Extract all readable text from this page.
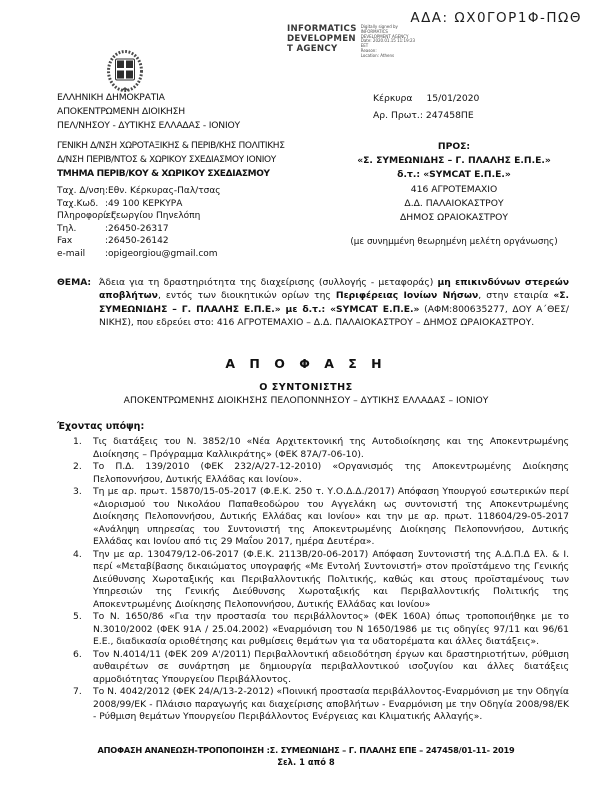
ΑΔΑ: ΩΧ0ΓΟΡ1Φ-ΠΩΘ
INFORMATICS
DEVELOPMEN
T AGENCY
Digitally signed by
INFORMATICS
DEVELOPMENT AGENCY
Date: 2020.01.15 11:19:23
EET
Reason:
Location: Athens
ΕΛΛΗΝΙΚΗ ΔΗΜΟΚΡΑΤΙΑ
ΑΠΟΚΕΝΤΡΩΜΕΝΗ ΔΙΟΙΚΗΣΗ
ΠΕΛ/ΝΗΣΟΥ - ΔΥΤΙΚΗΣ ΕΛΛΑΔΑΣ - ΙΟΝΙΟΥ
Κέρκυρα 15/01/2020
Αρ. Πρωτ.: 247458ΠΕ
ΓΕΝΙΚΗ Δ/ΝΣΗ ΧΩΡΟΤΑΞΙΚΗΣ & ΠΕΡΙΒ/ΚΗΣ ΠΟΛΙΤΙΚΗΣ
Δ/ΝΣΗ ΠΕΡΙΒ/ΝΤΟΣ & ΧΩΡΙΚΟΥ ΣΧΕΔΙΑΣΜΟΥ ΙΟΝΙΟΥ
ΤΜΗΜΑ ΠΕΡΙΒ/ΚΟΥ & ΧΩΡΙΚΟΥ ΣΧΕΔΙΑΣΜΟΥ
Ταχ. Δ/νση :Εθν. Κέρκυρας-Παλ/τσας
Ταχ.Κωδ. :49 100 ΚΕΡΚΥΡΑ
Πληροφορίες
: Γεωργίου Πηνελόπη
Τηλ.	:26450-26317
Fax	:26450-26142
e-mail	:opigeorgiou@gmail.com
ΠΡΟΣ:
«Σ. ΣΥΜΕΩΝΙΔΗΣ – Γ. ΠΛΑΛΗΣ Ε.Π.Ε.»
δ.τ.: «SYMCAT Ε.Π.Ε.»
416 ΑΓΡΟΤΕΜΑΧΙΟ
Δ.Δ. ΠΑΛΑΙΟΚΑΣΤΡΟΥ
ΔΗΜΟΣ ΩΡΑΙΟΚΑΣΤΡΟΥ
(με συνημμένη θεωρημένη μελέτη οργάνωσης)
ΘΕΜΑ: Άδεια για τη δραστηριότητα της διαχείρισης (συλλογής - μεταφοράς) μη επικινδύνων στερεών αποβλήτων, εντός των διοικητικών ορίων της Περιφέρειας Ιονίων Νήσων, στην εταιρία «Σ. ΣΥΜΕΩΝΙΔΗΣ – Γ. ΠΛΑΛΗΣ Ε.Π.Ε.» με δ.τ.: «SYMCAT Ε.Π.Ε.» (ΑΦΜ:800635277, ΔΟΥ Α΄ΘΕΣ/ΝΙΚΗΣ), που εδρεύει στο: 416 ΑΓΡΟΤΕΜΑΧΙΟ – Δ.Δ. ΠΑΛΑΙΟΚΑΣΤΡΟΥ – ΔΗΜΟΣ ΩΡΑΙΟΚΑΣΤΡΟΥ.
Α Π Ο Φ Α Σ Η
Ο ΣΥΝΤΟΝΙΣΤΗΣ
ΑΠΟΚΕΝΤΡΩΜΕΝΗΣ ΔΙΟΙΚΗΣΗΣ ΠΕΛΟΠΟΝΝΗΣΟΥ – ΔΥΤΙΚΗΣ ΕΛΛΑΔΑΣ – ΙΟΝΙΟΥ
Έχοντας υπόψη:
1.	Τις διατάξεις του Ν. 3852/10 «Νέα Αρχιτεκτονική της Αυτοδιοίκησης και της Αποκεντρωμένης Διοίκησης – Πρόγραμμα Καλλικράτης» (ΦΕΚ 87Α/7-06-10).
2.	Το Π.Δ. 139/2010 (ΦΕΚ 232/Α/27-12-2010) «Οργανισμός της Αποκεντρωμένης Διοίκησης Πελοποννήσου, Δυτικής Ελλάδας και Ιονίου».
3.	Τη με αρ. πρωτ. 15870/15-05-2017 (Φ.Ε.Κ. 250 τ. Υ.Ο.Δ.Δ./2017) Απόφαση Υπουργού εσωτερικών περί «Διορισμού του Νικολάου Παπαθεοδώρου του Αγγελάκη ως συντονιστή της Αποκεντρωμένης Διοίκησης Πελοποννήσου, Δυτικής Ελλάδας και Ιονίου» και την με αρ. πρωτ. 118604/29-05-2017 «Ανάληψη υπηρεσίας του Συντονιστή της Αποκεντρωμένης Διοίκησης Πελοποννήσου, Δυτικής Ελλάδας και Ιονίου από τις 29 Μαΐου 2017, ημέρα Δευτέρα».
4.	Την με αρ. 130479/12-06-2017 (Φ.Ε.Κ. 2113Β/20-06-2017) Απόφαση Συντονιστή της Α.Δ.Π.Δ Ελ. & Ι. περί «Μεταβίβασης δικαιώματος υπογραφής «Με Εντολή Συντονιστή» στον προϊστάμενο της Γενικής Διεύθυνσης Χωροταξικής και Περιβαλλοντικής Πολιτικής, καθώς και στους προϊσταμένους των Υπηρεσιών της Γενικής Διεύθυνσης Χωροταξικής και Περιβαλλοντικής Πολιτικής της Αποκεντρωμένης Διοίκησης Πελοποννήσου, Δυτικής Ελλάδας και Ιονίου»
5.	Το Ν. 1650/86 «Για την προστασία του περιβάλλοντος» (ΦΕΚ 160Α) όπως τροποποιήθηκε με το Ν.3010/2002 (ΦΕΚ 91Α / 25.04.2002) «Εναρμόνιση του Ν 1650/1986 με τις οδηγίες 97/11 και 96/61 Ε.Ε., διαδικασία οριοθέτησης και ρυθμίσεις θεμάτων για τα υδατορέματα και άλλες διατάξεις».
6.	Τον Ν.4014/11 (ΦΕΚ 209 Α'/2011) Περιβαλλοντική αδειοδότηση έργων και δραστηριοτήτων, ρύθμιση αυθαιρέτων σε συνάρτηση με δημιουργία περιβαλλοντικού ισοζυγίου και άλλες διατάξεις αρμοδιότητας Υπουργείου Περιβάλλοντος.
7.	Το Ν. 4042/2012 (ΦΕΚ 24/Α/13-2-2012) «Ποινική προστασία περιβάλλοντος-Εναρμόνιση με την Οδηγία 2008/99/ΕΚ - Πλάισιο παραγωγής και διαχείρισης αποβλήτων - Εναρμόνιση με την Οδηγία 2008/98/ΕΚ - Ρύθμιση θεμάτων Υπουργείου Περιβάλλοντος Ενέργειας και Κλιματικής Αλλαγής».
ΑΠΟΦΑΣΗ ΑΝΑΝΕΩΣΗ-ΤΡΟΠΟΠΟΙΗΣΗ :Σ. ΣΥΜΕΩΝΙΔΗΣ – Γ. ΠΛΑΛΗΣ ΕΠΕ – 247458/01-11- 2019
Σελ. 1 από 8
